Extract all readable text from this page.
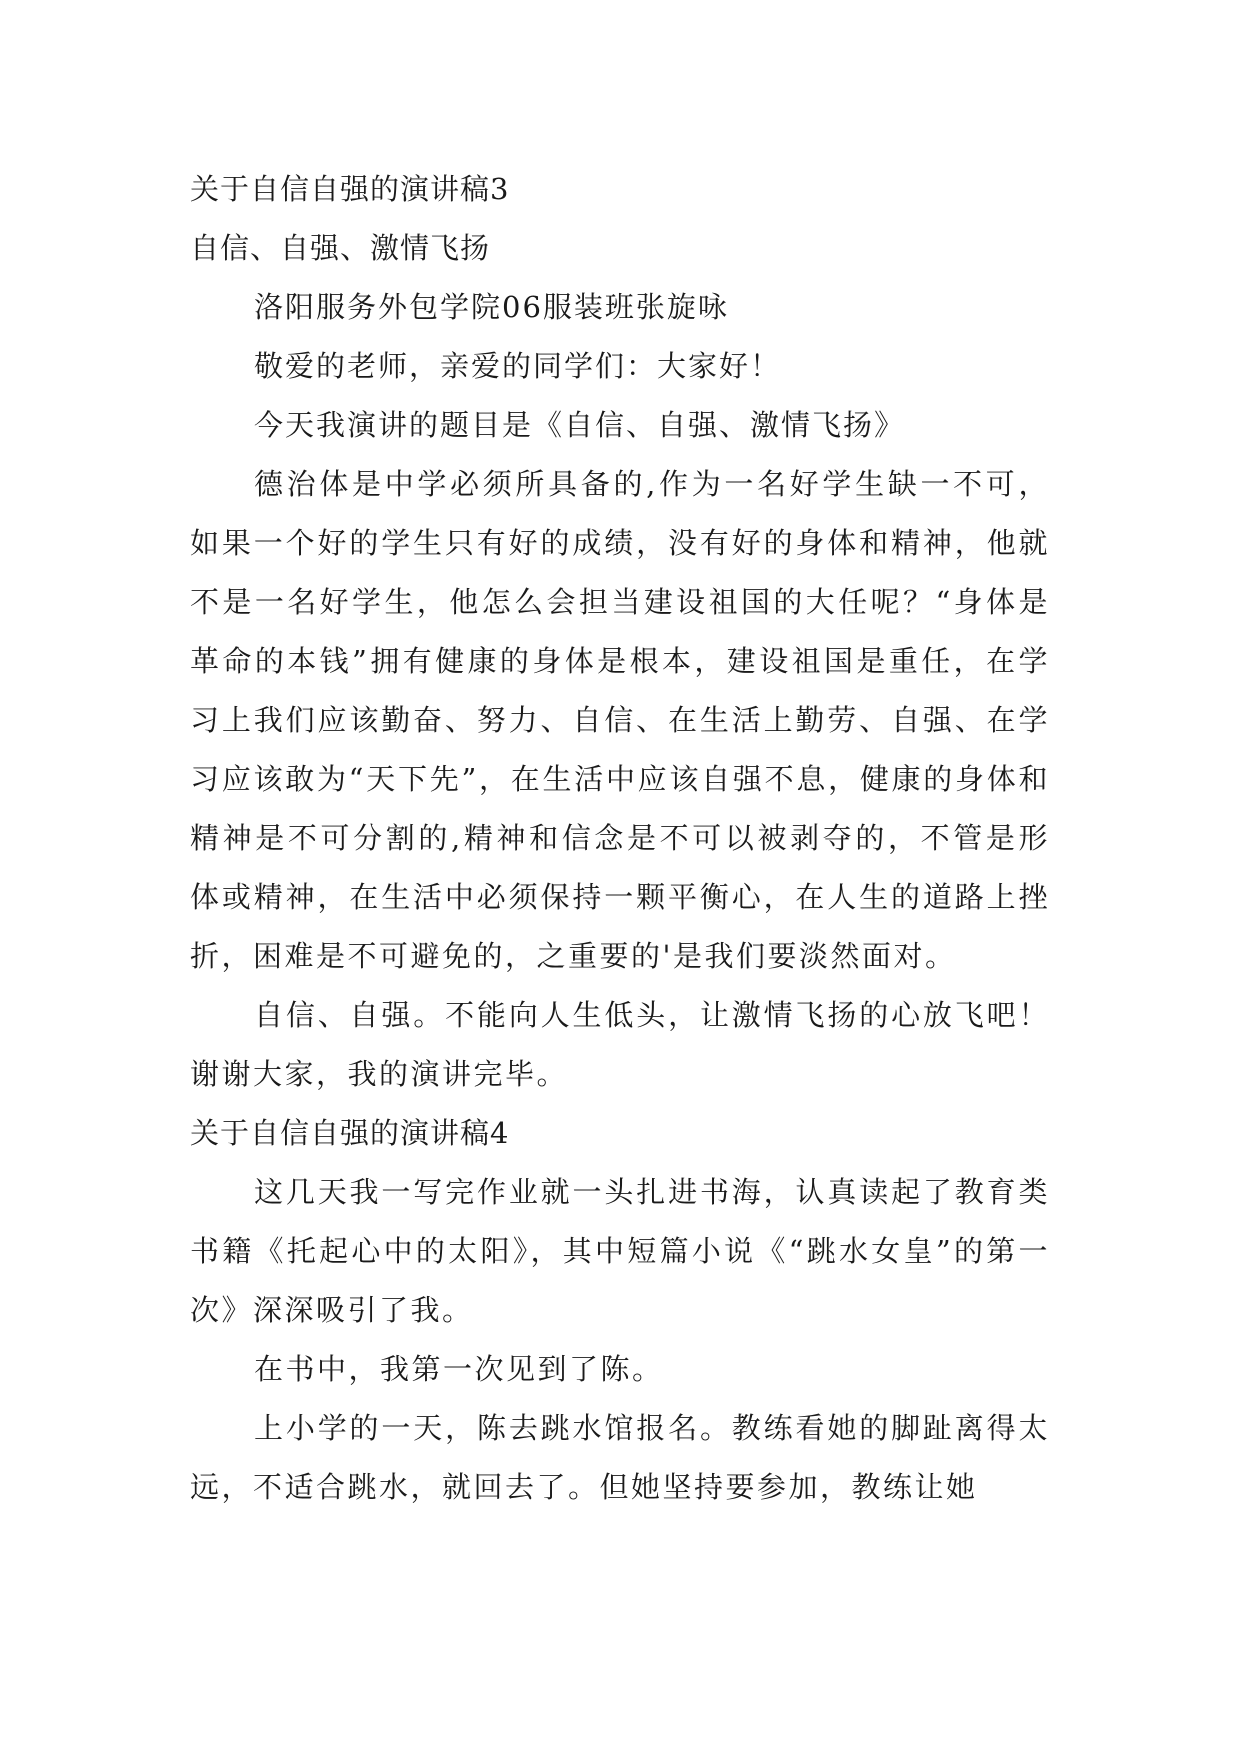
关于自信自强的演讲稿3

自信、自强、激情飞扬

洛阳服务外包学院06服装班张旋咏

敬爱的老师，亲爱的同学们：大家好！

今天我演讲的题目是《自信、自强、激情飞扬》

德治体是中学必须所具备的,作为一名好学生缺一不可，如果一个好的学生只有好的成绩，没有好的身体和精神，他就不是一名好学生，他怎么会担当建设祖国的大任呢？“身体是革命的本钱”拥有健康的身体是根本，建设祖国是重任，在学习上我们应该勤奋、努力、自信、在生活上勤劳、自强、在学习应该敢为“天下先”，在生活中应该自强不息，健康的身体和精神是不可分割的,精神和信念是不可以被剥夺的，不管是形体或精神，在生活中必须保持一颗平衡心，在人生的道路上挫折，困难是不可避免的，之重要的'是我们要淡然面对。

自信、自强。不能向人生低头，让激情飞扬的心放飞吧！谢谢大家，我的演讲完毕。

关于自信自强的演讲稿4

这几天我一写完作业就一头扎进书海，认真读起了教育类书籍《托起心中的太阳》，其中短篇小说《“跳水女皇”的第一次》深深吸引了我。

在书中，我第一次见到了陈。

上小学的一天，陈去跳水馆报名。教练看她的脚趾离得太远，不适合跳水，就回去了。但她坚持要参加，教练让她
